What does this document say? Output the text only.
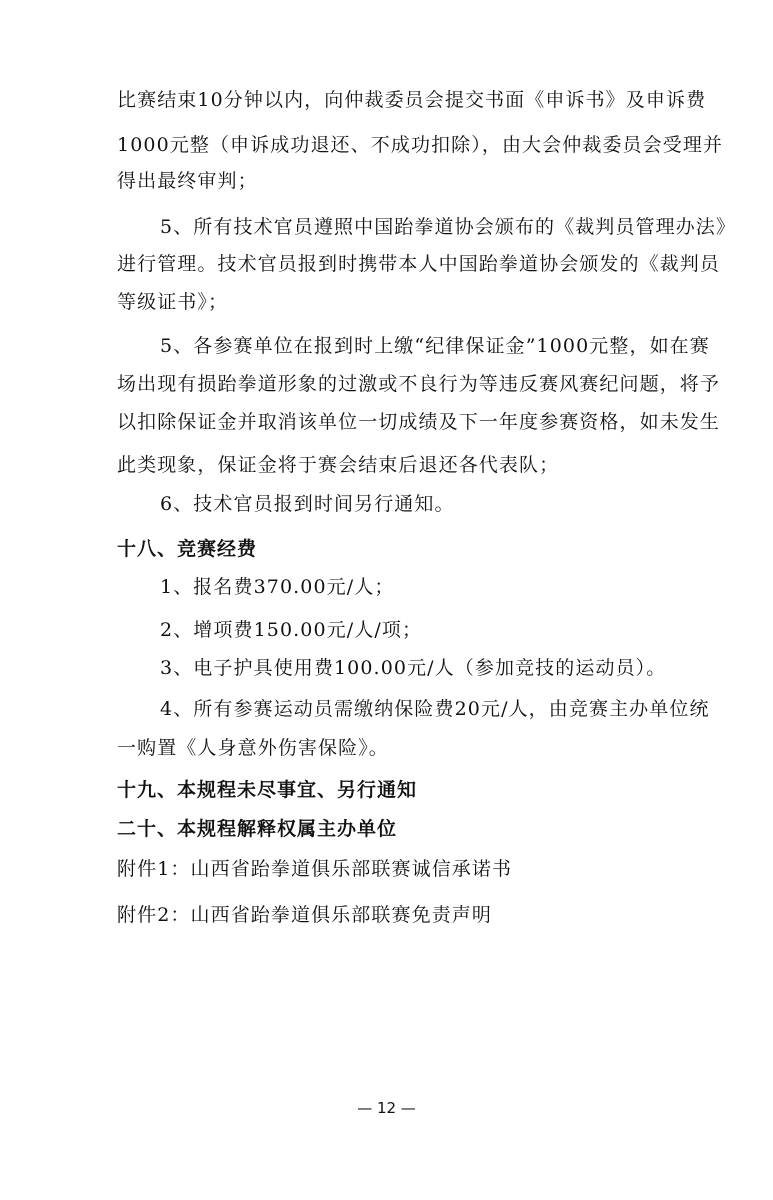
比赛结束10分钟以内，向仲裁委员会提交书面《申诉书》及申诉费
1000元整（申诉成功退还、不成功扣除），由大会仲裁委员会受理并
得出最终审判；
5、所有技术官员遵照中国跆拳道协会颁布的《裁判员管理办法》
进行管理。技术官员报到时携带本人中国跆拳道协会颁发的《裁判员
等级证书》；
5、各参赛单位在报到时上缴“纪律保证金”1000元整，如在赛
场出现有损跆拳道形象的过激或不良行为等违反赛风赛纪问题，将予
以扣除保证金并取消该单位一切成绩及下一年度参赛资格，如未发生
此类现象，保证金将于赛会结束后退还各代表队；
6、技术官员报到时间另行通知。
十八、竞赛经费
1、报名费370.00元/人；
2、增项费150.00元/人/项；
3、电子护具使用费100.00元/人（参加竞技的运动员）。
4、所有参赛运动员需缴纳保险费20元/人，由竞赛主办单位统
一购置《人身意外伤害保险》。
十九、本规程未尽事宜、另行通知
二十、本规程解释权属主办单位
附件1：山西省跆拳道俱乐部联赛诚信承诺书
附件2：山西省跆拳道俱乐部联赛免责声明
— 12 —
